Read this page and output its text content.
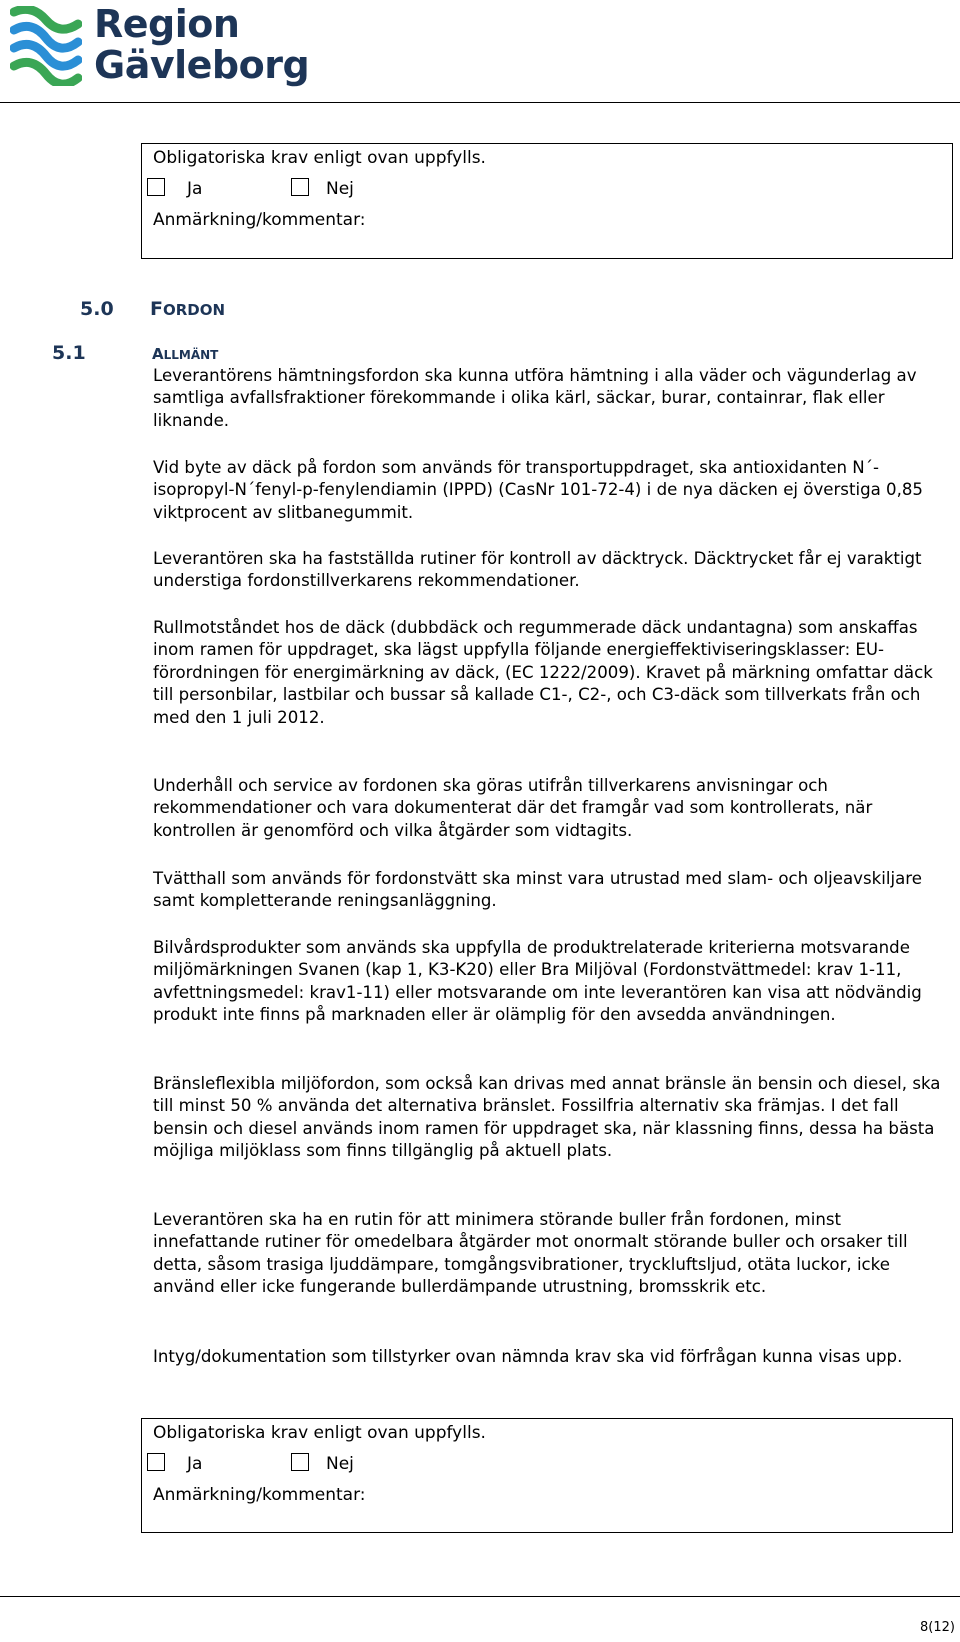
Region
Gävleborg
Obligatoriska krav enligt ovan uppfylls.
Ja	Nej
Anmärkning/kommentar:
5.0 FORDON
5.1	ALLMÄNT

Leverantörens hämtningsfordon ska kunna utföra hämtning i alla väder och vägunderlag av samtliga avfallsfraktioner förekommande i olika kärl, säckar, burar, containrar, flak eller liknande.

Vid byte av däck på fordon som används för transportuppdraget, ska antioxidanten N´-isopropyl-N´fenyl-p-fenylendiamin (IPPD) (CasNr 101-72-4) i de nya däcken ej överstiga 0,85 viktprocent av slitbanegummit.

Leverantören ska ha fastställda rutiner för kontroll av däcktryck. Däcktrycket får ej varaktigt understiga fordonstillverkarens rekommendationer.

Rullmotståndet hos de däck (dubbdäck och regummerade däck undantagna) som anskaffas inom ramen för uppdraget, ska lägst uppfylla följande energieffektiviseringsklasser: EU-förordningen för energimärkning av däck, (EC 1222/2009). Kravet på märkning omfattar däck till personbilar, lastbilar och bussar så kallade C1-, C2-, och C3-däck som tillverkats från och med den 1 juli 2012.

Underhåll och service av fordonen ska göras utifrån tillverkarens anvisningar och rekommendationer och vara dokumenterat där det framgår vad som kontrollerats, när kontrollen är genomförd och vilka åtgärder som vidtagits.

Tvätthall som används för fordonstvätt ska minst vara utrustad med slam- och oljeavskiljare samt kompletterande reningsanläggning.

Bilvårdsprodukter som används ska uppfylla de produktrelaterade kriterierna motsvarande miljömärkningen Svanen (kap 1, K3-K20) eller Bra Miljöval (Fordonstvättmedel: krav 1-11, avfettningsmedel: krav1-11) eller motsvarande om inte leverantören kan visa att nödvändig produkt inte finns på marknaden eller är olämplig för den avsedda användningen.

Bränsleflexibla miljöfordon, som också kan drivas med annat bränsle än bensin och diesel, ska till minst 50 % använda det alternativa bränslet. Fossilfria alternativ ska främjas. I det fall bensin och diesel används inom ramen för uppdraget ska, när klassning finns, dessa ha bästa möjliga miljöklass som finns tillgänglig på aktuell plats.

Leverantören ska ha en rutin för att minimera störande buller från fordonen, minst innefattande rutiner för omedelbara åtgärder mot onormalt störande buller och orsaker till detta, såsom trasiga ljuddämpare, tomgångsvibrationer, tryckluftsljud, otäta luckor, icke använd eller icke fungerande bullerdämpande utrustning, bromsskrik etc.

Intyg/dokumentation som tillstyrker ovan nämnda krav ska vid förfrågan kunna visas upp.

Obligatoriska krav enligt ovan uppfylls.
Ja	Nej
Anmärkning/kommentar:
8(12)
